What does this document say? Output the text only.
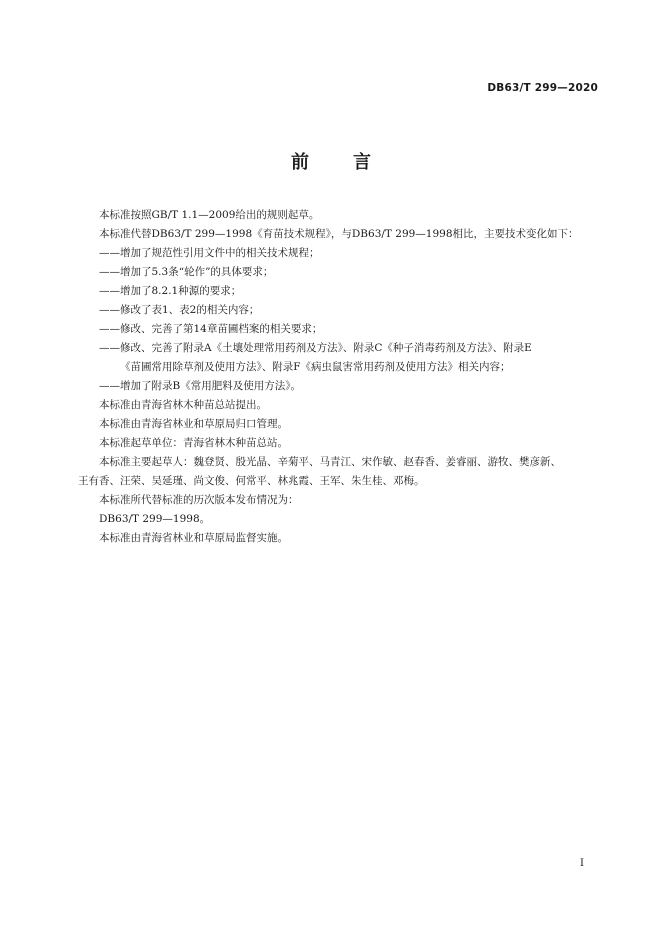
DB63/T 299—2020
前 言

本标准按照GB/T 1.1—2009给出的规则起草。

本标准代替DB63/T 299—1998《育苗技术规程》，与DB63/T 299—1998相比，主要技术变化如下：

——增加了规范性引用文件中的相关技术规程；

——增加了5.3条“轮作”的具体要求；

——增加了8.2.1种源的要求；

——修改了表1、表2的相关内容；

——修改、完善了第14章苗圃档案的相关要求；

——修改、完善了附录A《土壤处理常用药剂及方法》、附录C《种子消毒药剂及方法》、附录E

《苗圃常用除草剂及使用方法》、附录F《病虫鼠害常用药剂及使用方法》相关内容；

——增加了附录B《常用肥料及使用方法》。

本标准由青海省林木种苗总站提出。

本标准由青海省林业和草原局归口管理。

本标准起草单位：青海省林木种苗总站。

本标准主要起草人：魏登贤、殷光晶、辛菊平、马青江、宋作敏、赵春香、姜睿丽、游牧、樊彦新、

王有香、汪荣、吴延瑾、尚文俊、何常平、林兆霞、王军、朱生桂、邓梅。

本标准所代替标准的历次版本发布情况为：

DB63/T 299—1998。

本标准由青海省林业和草原局监督实施。

I
